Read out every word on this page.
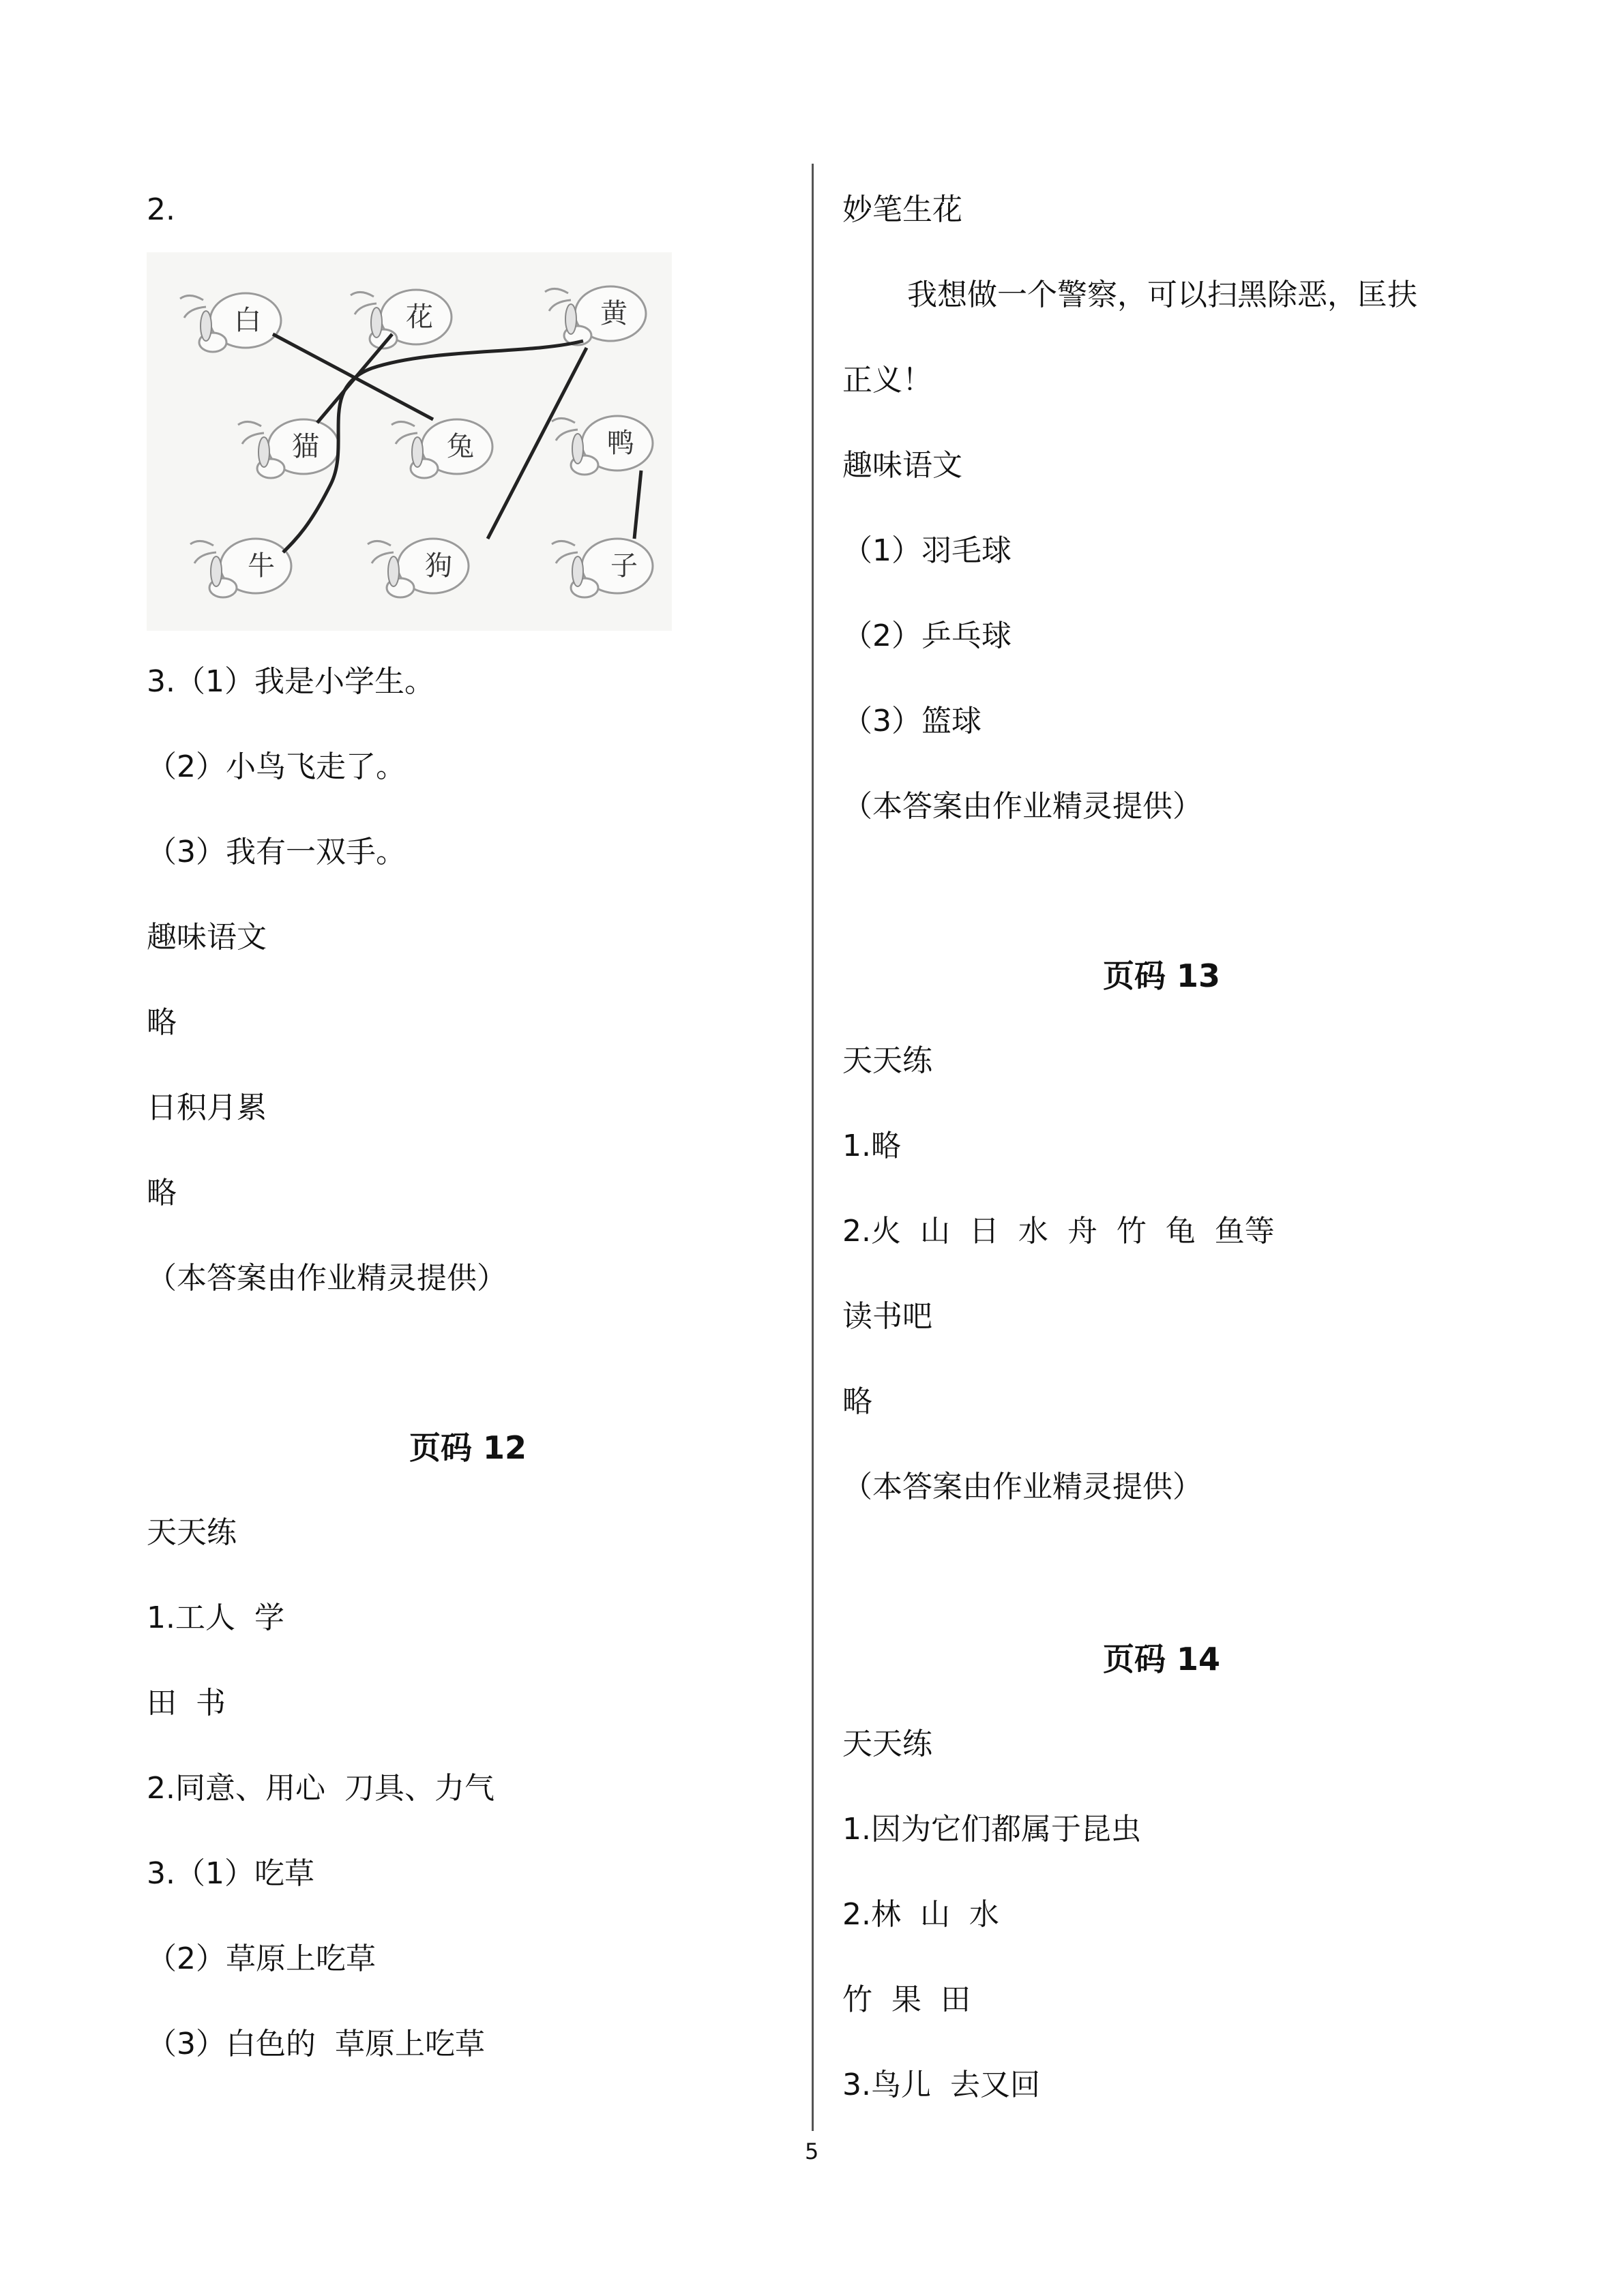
2.
白	花	黄
猫	兔	鸭
牛	狗	子
3.（1）我是小学生。
（2）小鸟飞走了。
（3）我有一双手。
趣味语文
略
日积月累
略
（本答案由作业精灵提供）
页码 12
天天练
1.工人  学
田  书
2.同意、用心  刀具、力气
3.（1）吃草
（2）草原上吃草
（3）白色的  草原上吃草
妙笔生花
我想做一个警察，可以扫黑除恶，匡扶
正义！
趣味语文
（1）羽毛球
（2）乒乓球
（3）篮球
（本答案由作业精灵提供）
页码 13
天天练
1.略
2.火  山  日  水  舟  竹  龟  鱼等
读书吧
略
（本答案由作业精灵提供）
页码 14
天天练
1.因为它们都属于昆虫
2.林  山  水
竹  果  田
3.鸟儿  去又回
5
